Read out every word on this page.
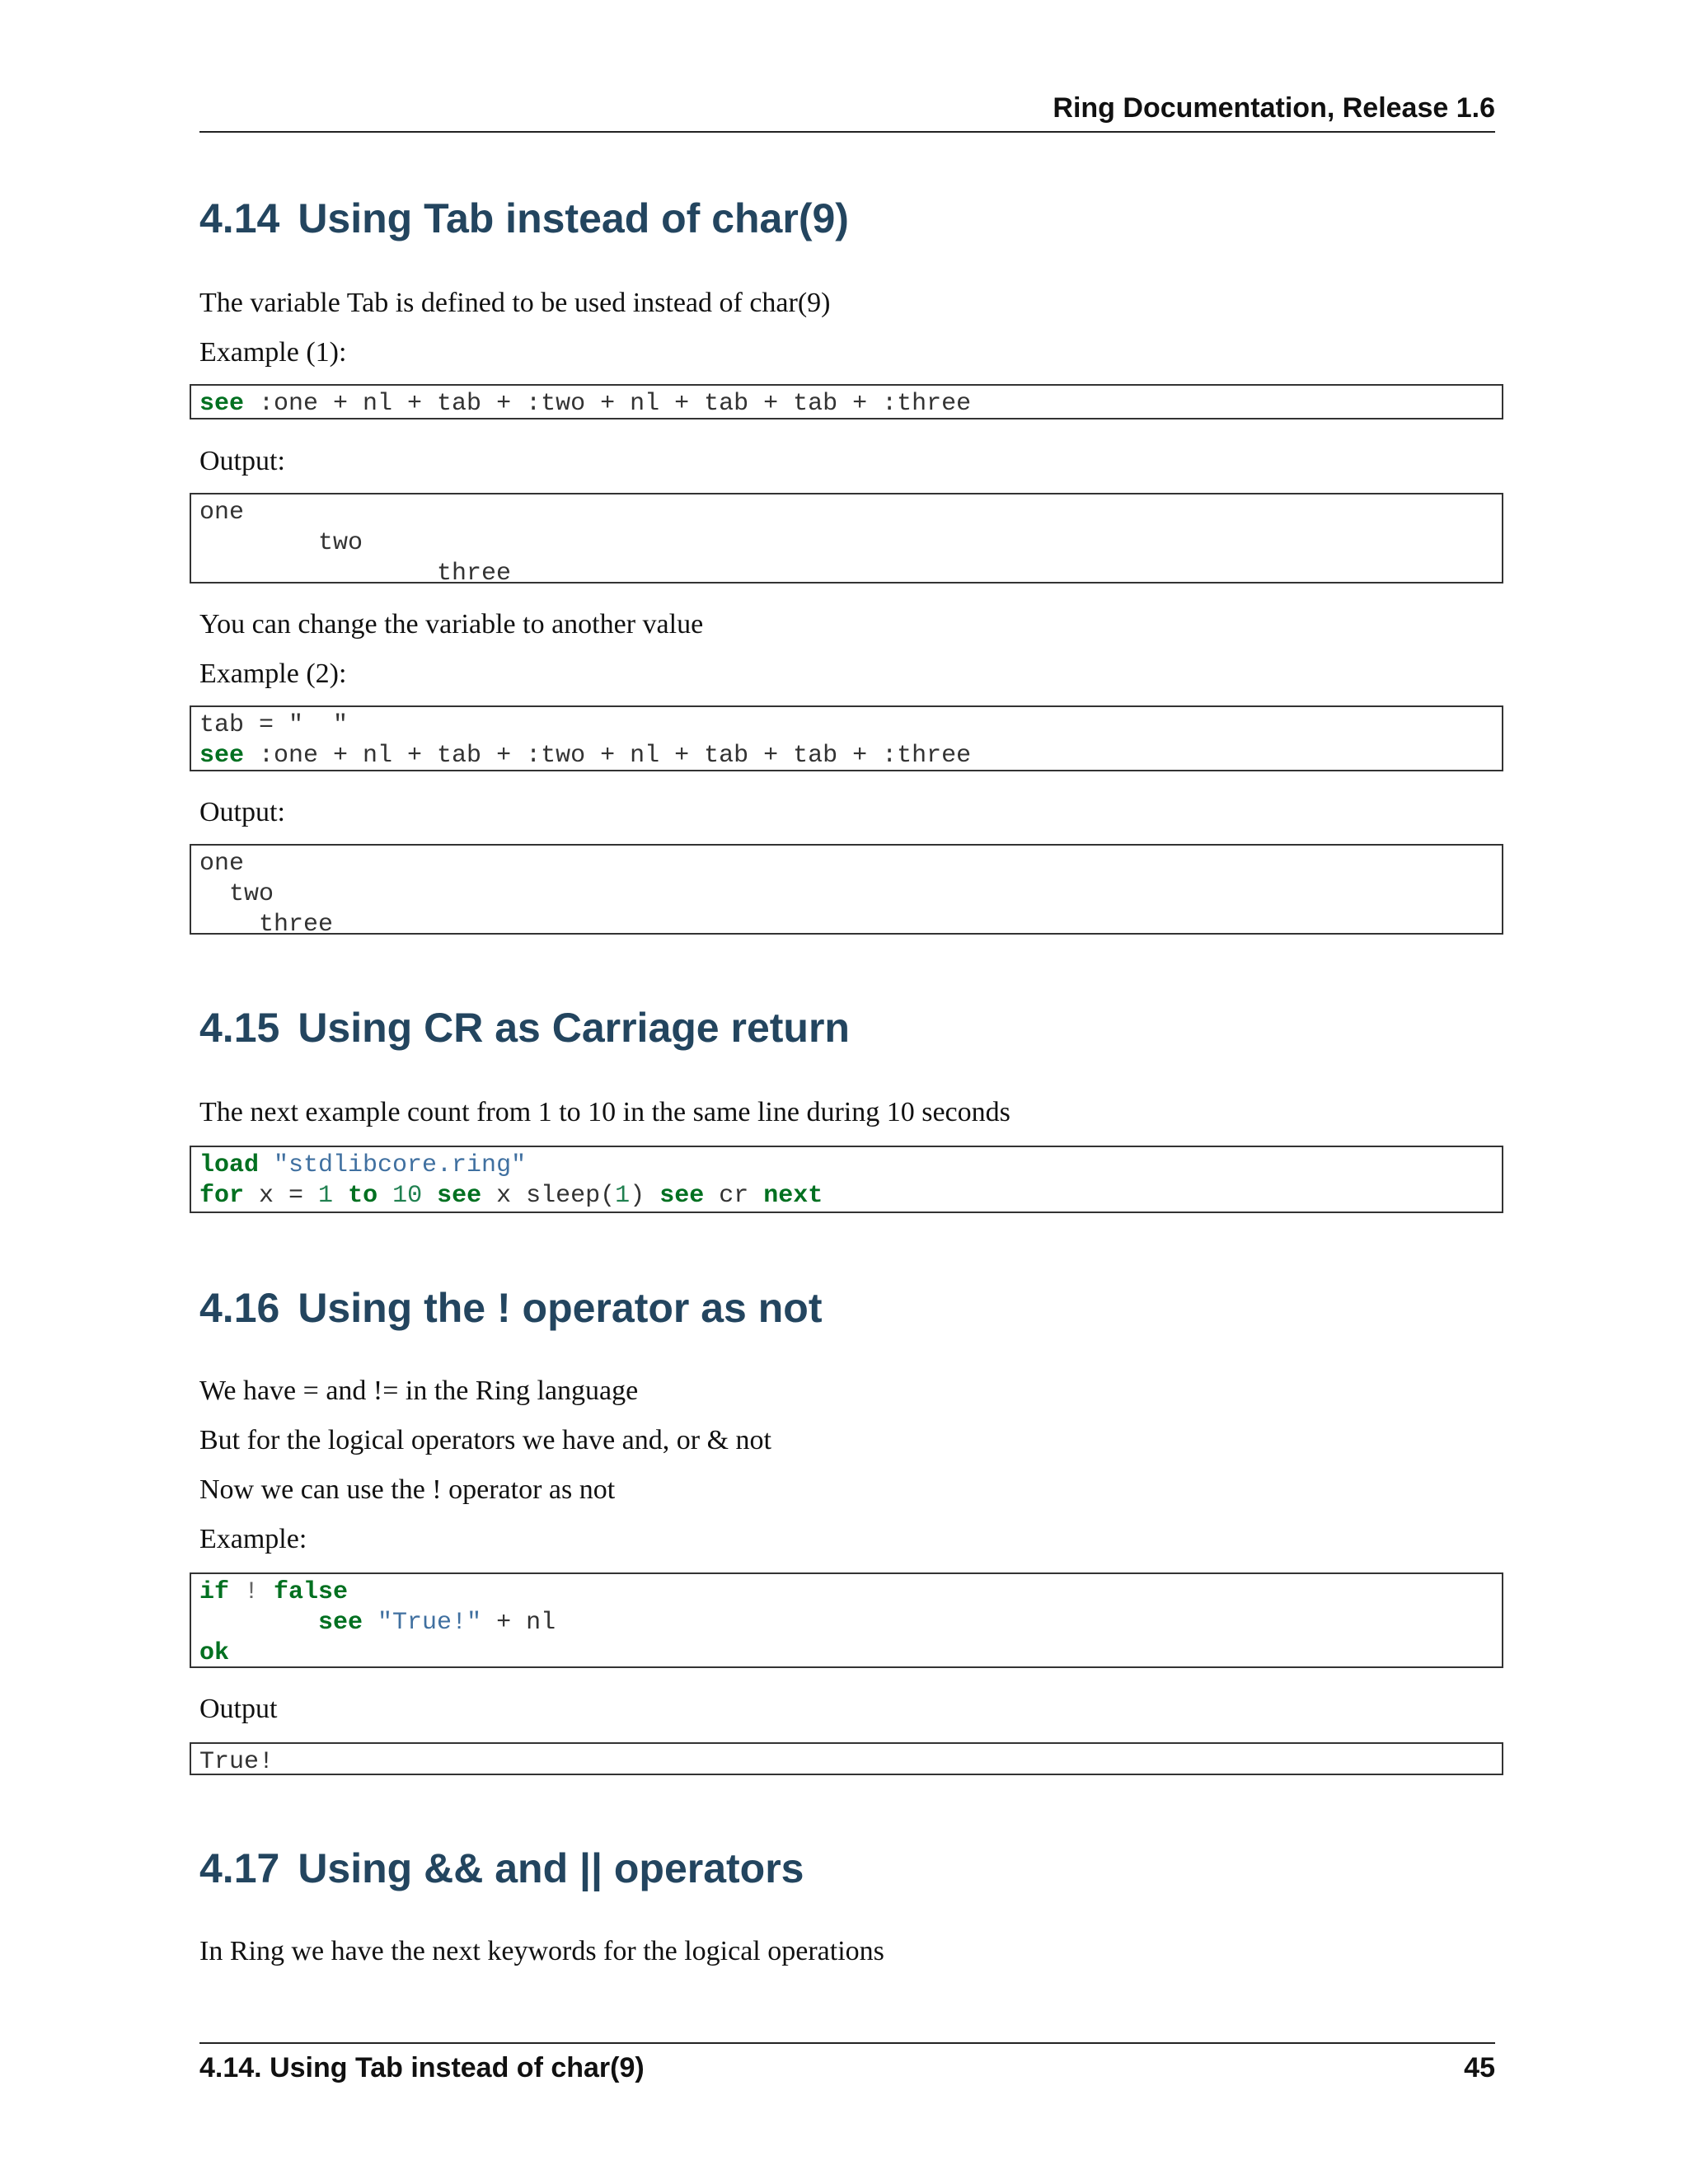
Ring Documentation, Release 1.6
4.14 Using Tab instead of char(9)

The variable Tab is defined to be used instead of char(9)

Example (1):

see :one + nl + tab + :two + nl + tab + tab + :three

Output:

one
two
three

You can change the variable to another value

Example (2):

tab = "  "
see :one + nl + tab + :two + nl + tab + tab + :three

Output:

one
two
three
4.15 Using CR as Carriage return

The next example count from 1 to 10 in the same line during 10 seconds

load "stdlibcore.ring"
for x = 1 to 10 see x sleep(1) see cr next
4.16 Using the ! operator as not

We have = and != in the Ring language

But for the logical operators we have and, or & not

Now we can use the ! operator as not

Example:

if ! false
see "True!" + nl
ok

Output

True!
4.17 Using && and || operators

In Ring we have the next keywords for the logical operations

4.14. Using Tab instead of char(9)	45
